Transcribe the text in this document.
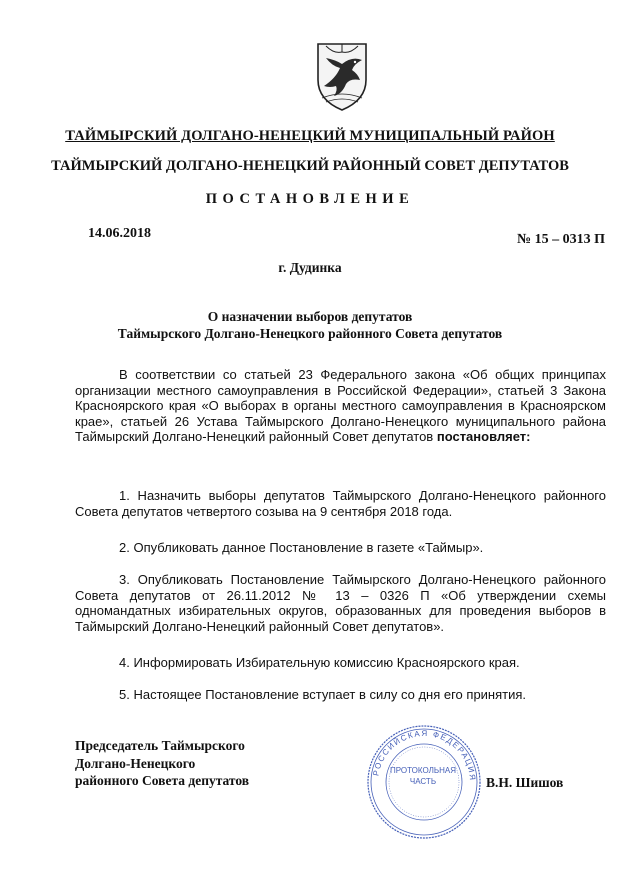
ТАЙМЫРСКИЙ ДОЛГАНО-НЕНЕЦКИЙ МУНИЦИПАЛЬНЫЙ РАЙОН
ТАЙМЫРСКИЙ ДОЛГАНО-НЕНЕЦКИЙ РАЙОННЫЙ СОВЕТ ДЕПУТАТОВ
ПОСТАНОВЛЕНИЕ
14.06.2018	№ 15 – 0313 П
г. Дудинка
О назначении выборов депутатов
Таймырского Долгано-Ненецкого районного Совета депутатов
В соответствии со статьей 23 Федерального закона «Об общих принципах организации местного самоуправления в Российской Федерации», статьей 3 Закона Красноярского края «О выборах в органы местного самоуправления в Красноярском крае», статьей 26 Устава Таймырского Долгано-Ненецкого муниципального района Таймырский Долгано-Ненецкий районный Совет депутатов постановляет:
1. Назначить выборы депутатов Таймырского Долгано-Ненецкого районного Совета депутатов четвертого созыва на 9 сентября 2018 года.
2. Опубликовать данное Постановление в газете «Таймыр».
3. Опубликовать Постановление Таймырского Долгано-Ненецкого районного Совета депутатов от 26.11.2012 № 13 – 0326 П «Об утверждении схемы одномандатных избирательных округов, образованных для проведения выборов в Таймырский Долгано-Ненецкий районный Совет депутатов».
4. Информировать Избирательную комиссию Красноярского края.
5. Настоящее Постановление вступает в силу со дня его принятия.
Председатель Таймырского
Долгано-Ненецкого
районного Совета депутатов
РОССИЙСКАЯ ФЕДЕРАЦИЯ
ПРОТОКОЛЬНАЯ
ЧАСТЬ	В.Н. Шишов
